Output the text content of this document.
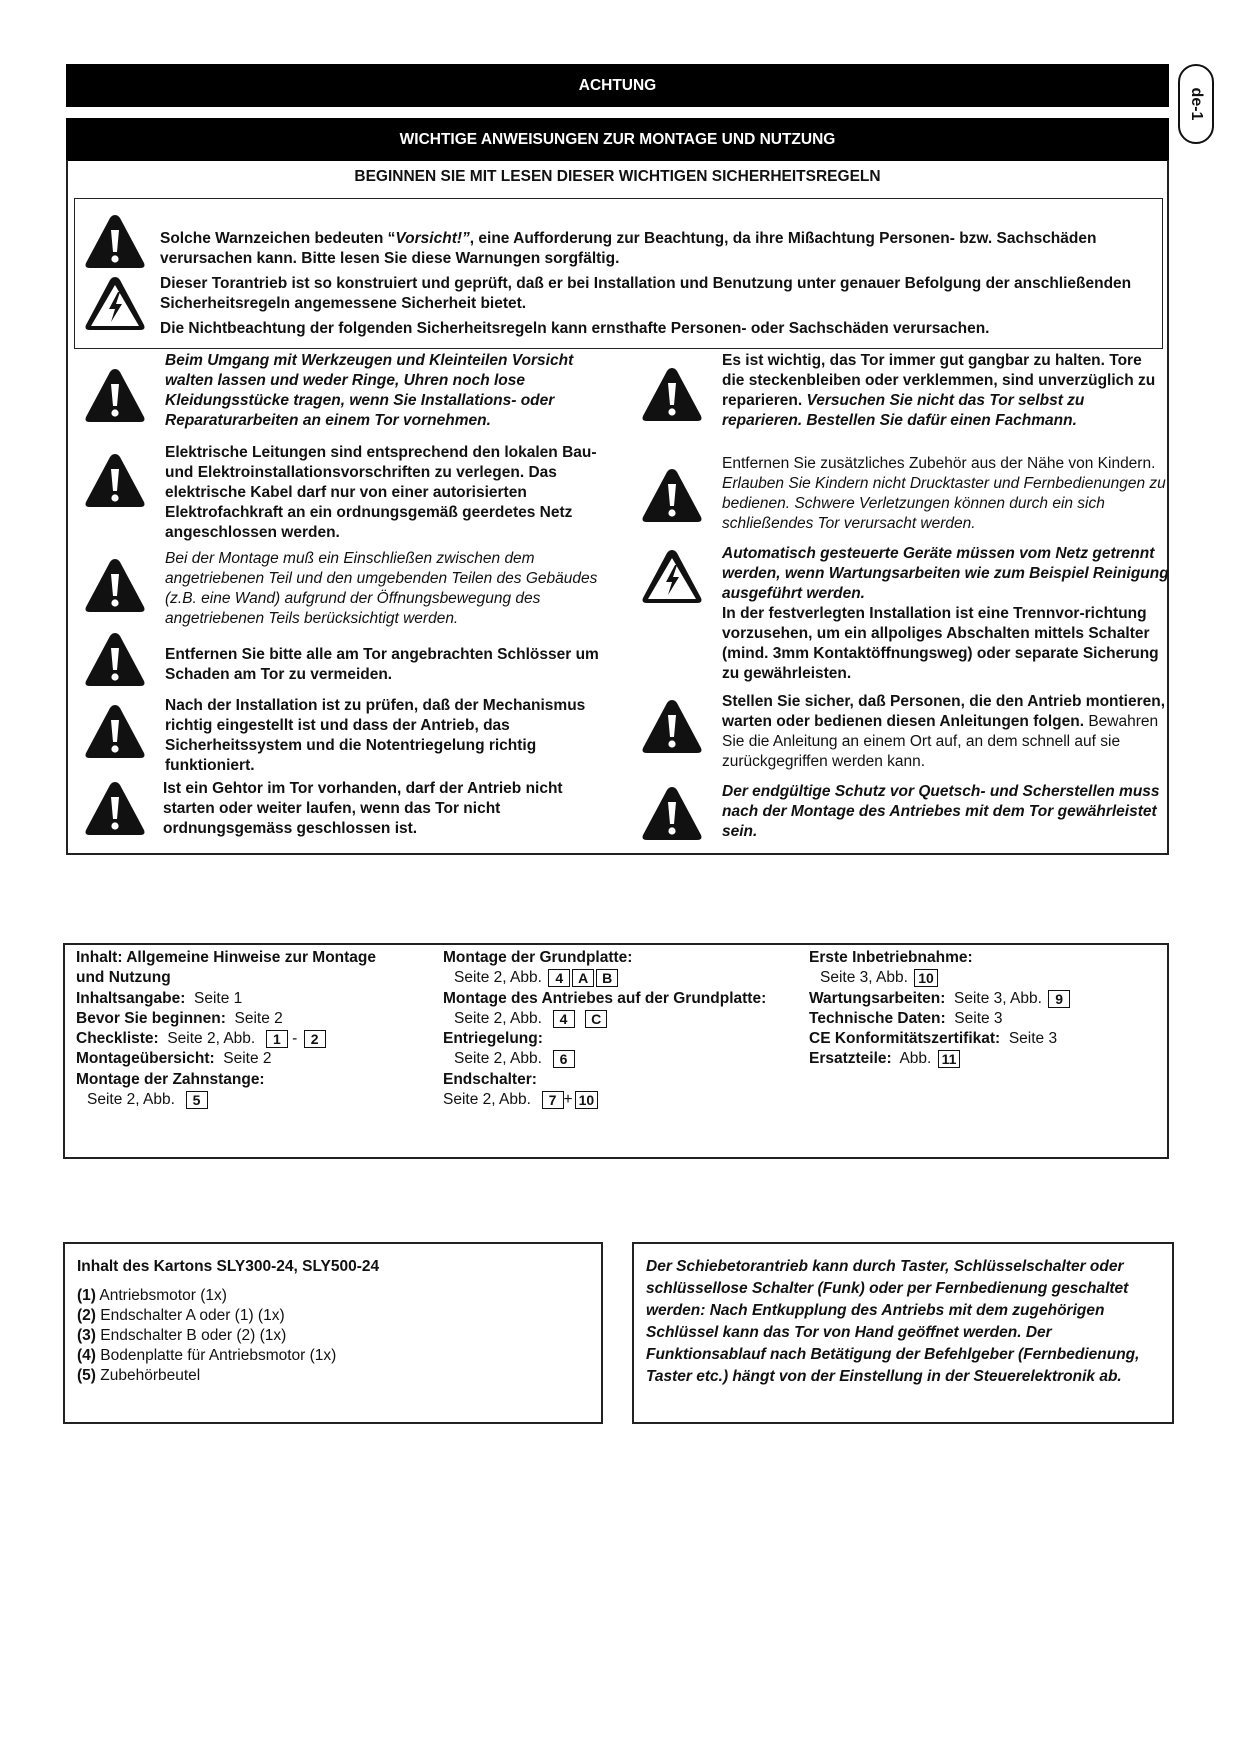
ACHTUNG
WICHTIGE ANWEISUNGEN ZUR MONTAGE UND NUTZUNG
de-1
BEGINNEN SIE MIT LESEN DIESER WICHTIGEN SICHERHEITSREGELN
Solche Warnzeichen bedeuten “Vorsicht!”, eine Aufforderung zur Beachtung, da ihre Mißachtung Personen- bzw. Sachschäden verursachen kann. Bitte lesen Sie diese Warnungen sorgfältig.
Dieser Torantrieb ist so konstruiert und geprüft, daß er bei Installation und Benutzung unter genauer Befolgung der anschließenden Sicherheitsregeln angemessene Sicherheit bietet.
Die Nichtbeachtung der folgenden Sicherheitsregeln kann ernsthafte Personen- oder Sachschäden verursachen.
Beim Umgang mit Werkzeugen und Kleinteilen Vorsicht walten lassen und weder Ringe, Uhren noch lose Kleidungsstücke tragen, wenn Sie Installations- oder Reparaturarbeiten an einem Tor vornehmen.
Elektrische Leitungen sind entsprechend den lokalen Bau- und Elektroinstallationsvorschriften zu verlegen. Das elektrische Kabel darf nur von einer autorisierten Elektrofachkraft an ein ordnungsgemäß geerdetes Netz angeschlossen werden.
Bei der Montage muß ein Einschließen zwischen dem angetriebenen Teil und den umgebenden Teilen des Gebäudes (z.B. eine Wand) aufgrund der Öffnungsbewegung des angetriebenen Teils berücksichtigt werden.
Entfernen Sie bitte alle am Tor angebrachten Schlösser um Schaden am Tor zu vermeiden.
Nach der Installation ist zu prüfen, daß der Mechanismus richtig eingestellt ist und dass der Antrieb, das Sicherheitssystem und die Notentriegelung richtig funktioniert.
Ist ein Gehtor im Tor vorhanden, darf der Antrieb nicht starten oder weiter laufen, wenn das Tor nicht ordnungsgemäss geschlossen ist.
Es ist wichtig, das Tor immer gut gangbar zu halten. Tore die steckenbleiben oder verklemmen, sind unverzüglich zu reparieren. Versuchen Sie nicht das Tor selbst zu reparieren. Bestellen Sie dafür einen Fachmann.
Entfernen Sie zusätzliches Zubehör aus der Nähe von Kindern. Erlauben Sie Kindern nicht Drucktaster und Fernbedienungen zu bedienen. Schwere Verletzungen können durch ein sich schließendes Tor verursacht werden.
Automatisch gesteuerte Geräte müssen vom Netz getrennt werden, wenn Wartungsarbeiten wie zum Beispiel Reinigung ausgeführt werden.
In der festverlegten Installation ist eine Trennvor-richtung vorzusehen, um ein allpoliges Abschalten mittels Schalter (mind. 3mm Kontaktöffnungsweg) oder separate Sicherung zu gewährleisten.
Stellen Sie sicher, daß Personen, die den Antrieb montieren, warten oder bedienen diesen Anleitungen folgen. Bewahren Sie die Anleitung an einem Ort auf, an dem schnell auf sie zurückgegriffen werden kann.
Der endgültige Schutz vor Quetsch- und Scherstellen muss nach der Montage des Antriebes mit dem Tor gewährleistet sein.
Inhalt: Allgemeine Hinweise zur Montage
und Nutzung
Inhaltsangabe: Seite 1
Bevor Sie beginnen: Seite 2
Checkliste: Seite 2, Abb. 1 - 2
Montageübersicht: Seite 2
Montage der Zahnstange:
Seite 2, Abb. 5
Montage der Grundplatte:
Seite 2, Abb. 4 A B
Montage des Antriebes auf der Grundplatte:
Seite 2, Abb. 4 C
Entriegelung:
Seite 2, Abb. 6
Endschalter:
Seite 2, Abb. 7 + 10
Erste Inbetriebnahme:
Seite 3, Abb. 10
Wartungsarbeiten: Seite 3, Abb. 9
Technische Daten: Seite 3
CE Konformitätszertifikat: Seite 3
Ersatzteile: Abb. 11
Inhalt des Kartons SLY300-24, SLY500-24
(1) Antriebsmotor (1x)
(2) Endschalter A oder (1) (1x)
(3) Endschalter B oder (2) (1x)
(4) Bodenplatte für Antriebsmotor (1x)
(5) Zubehörbeutel
Der Schiebetorantrieb kann durch Taster, Schlüsselschalter oder schlüssellose Schalter (Funk) oder per Fernbedienung geschaltet werden: Nach Entkupplung des Antriebs mit dem zugehörigen Schlüssel kann das Tor von Hand geöffnet werden. Der Funktionsablauf nach Betätigung der Befehlgeber (Fernbedienung, Taster etc.) hängt von der Einstellung in der Steuerelektronik ab.
